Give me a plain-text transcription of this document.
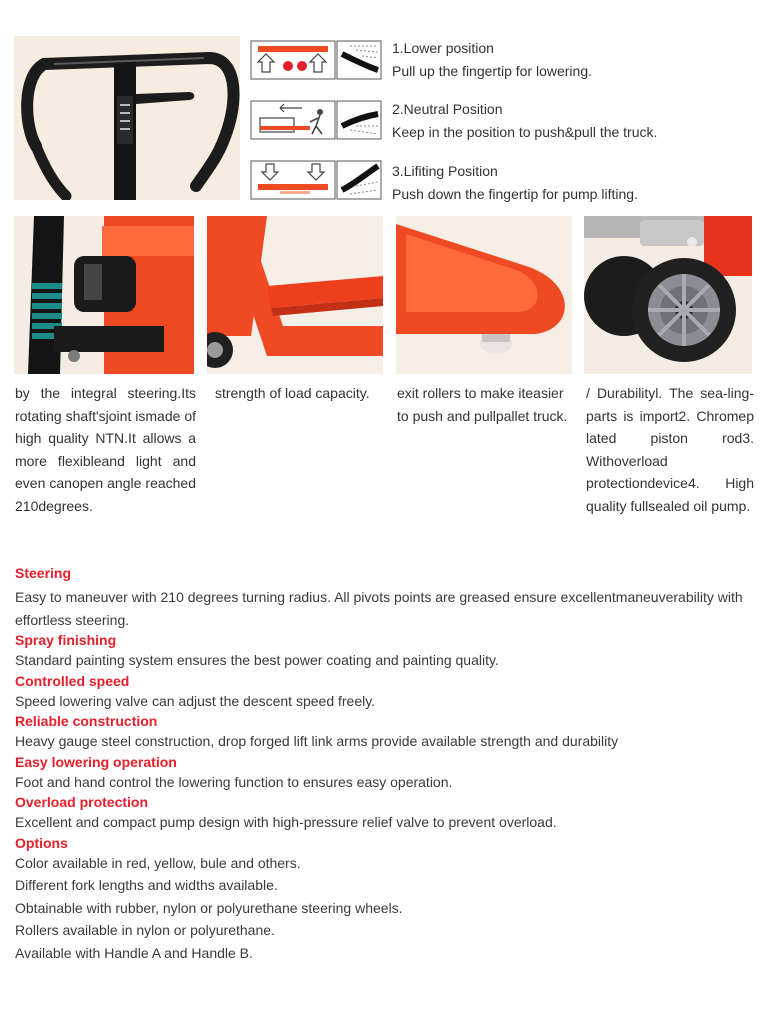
1.Lower position
Pull up the fingertip for lowering.
2.Neutral Position
Keep in the position to push&pull the truck.
3.Lifiting Position
Push down the fingertip for pump lifting.
by the integral steering.Its rotating shaft'sjoint ismade of high quality NTN.It allows a more flexibleand light and even canopen angle reached 210degrees.
strength of load capacity.	exit rollers to make iteasier to push and pullpallet truck.
/ Durabilityl. The sea-ling-parts is import2. Chromep lated piston rod3. Withoverload protectiondevice4. High quality fullsealed oil pump.
Steering
Easy to maneuver with 210 degrees turning radius. All pivots points are greased ensure excellentmaneuverability with effortless steering.
Spray finishing
Standard painting system ensures the best power coating and painting quality.
Controlled speed
Speed lowering valve can adjust the descent speed freely.
Reliable construction
Heavy gauge steel construction, drop forged lift link arms provide available strength and durability
Easy lowering operation
Foot and hand control the lowering function to ensures easy operation.
Overload protection
Excellent and compact pump design with high-pressure relief valve to prevent overload.
Options
Color available in red, yellow, bule and others.
Different fork lengths and widths available.
Obtainable with rubber, nylon or polyurethane steering wheels.
Rollers available in nylon or polyurethane.
Available with Handle A and Handle B.
